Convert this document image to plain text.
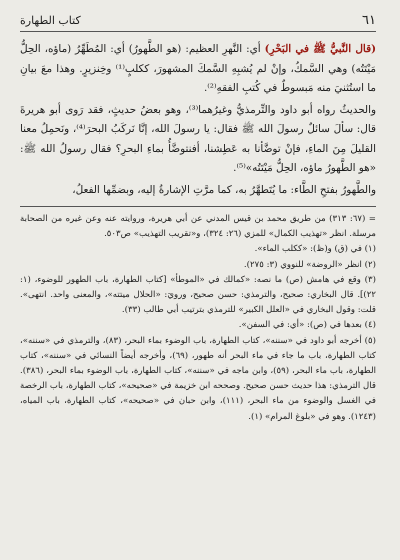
٦١
كتاب الطهارة

(قال النَّبيُّ ﷺ في البَحْرِ) أي: النَّهرِ العظيم: (هو الطَّهورُ) أي: المُطَهِّرُ (ماؤه، الحِلُّ مَيْتَتُه) وهي السَّمكُ، وإنْ لم يُشبِهِ السَّمكَ المشهورَ، ككلبٍ⁽¹⁾ وخِنزيرٍ. وهذا معَ بيانِ ما استُثنيَ منه مَبسوطٌ في كُتبِ الفقهِ⁽²⁾.

والحديثُ رواه أبو داود والتِّرمذيُّ وغيرُهما⁽³⁾، وهو بعضُ حديثٍ، فقد رَوى أبو هريرةَ قال: سألَ سائلٌ رسولَ الله ﷺ فقال: يا رسولَ الله، إنَّا نَركَبُ البحرَ⁽⁴⁾، ونَحمِلُ معنا القليلَ مِنَ الماءِ، فإنْ توضَّأنا به عَطِشنا، أفنتوضَّأُ بماءِ البحرِ؟ فقال رسولُ الله ﷺ: «هو الطَّهورُ ماؤه، الحِلُّ مَيْتَتُه»⁽⁵⁾.

والطَّهورُ بفتحِ الطَّاء: ما يُتَطهَّرُ به، كما مرَّتِ الإشارةُ إليه، وبضمِّها الفعلُ،

= (٦٧: ٣١٣) من طريق محمد بن قيس المدني عن أبي هريرة، وروايته عنه وعن غيره من الصحابة مرسلة. انظر «تهذيب الكمال» للمزي (٢٦: ٣٢٤)، و«تقريب التهذيب» ص٥٠٣.

(١) في (ق) و(ظ): «ككلب الماء».

(٢) انظر «الروضة» للنووي (٣: ٢٧٥).

(٣) وقع في هامش (ص) ما نصه: «كمالك في «الموطأ» [كتاب الطهارة، باب الطهور للوضوء، (١: ٢٢)]. قال البخاري: صحيح، والترمذي: حسن صحيح، ورويَ: «الحلال ميتته»، والمعنى واحد. انتهى». قلت: وقول البخاري في «العلل الكبير» للترمذي بترتيب أبي طالب (٣٣).

(٤) بعدها في (ص): «أي: في السفن».

(٥) أخرجه أبو داود في «سننه»، كتاب الطهارة، باب الوضوء بماء البحر، (٨٣)، والترمذي في «سننه»، كتاب الطهارة، باب ما جاء في ماء البحر أنه طهور، (٦٩)، وأخرجه أيضاً النسائي في «سننه»، كتاب الطهارة، باب ماء البحر، (٥٩)، وابن ماجه في «سننه»، كتاب الطهارة، باب الوضوء بماء البحر، (٣٨٦). قال الترمذي: هذا حديث حسن صحيح. وصححه ابن خزيمة في «صحيحه»، كتاب الطهارة، باب الرخصة في الغسل والوضوء من ماء البحر، (١١١)، وابن حبان في «صحيحه»، كتاب الطهارة، باب المياه، (١٢٤٣). وهو في «بلوغ المرام» (١).
